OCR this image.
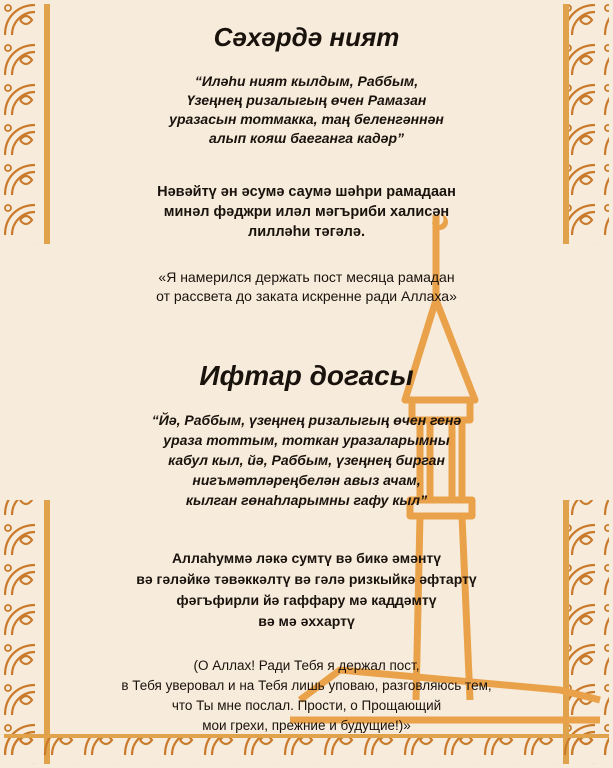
Сәхәрдә ният
“Иләһи ният кылдым, Раббым,
Үзеңнең ризалыгың өчен Рамазан
уразасын тотмакка, таң беленгәннән
алып кояш баеганга кадәр”
Нәвәйтү ән әсумә саумә шәһри рамадаан
минәл фәджри иләл мәгъриби халисән
лилләһи тәгәлә.
«Я намерился держать пост месяца рамадан
от рассвета до заката искренне ради Аллаха»
Ифтар догасы
“Йә, Раббым, үзеңнең ризалыгың өчен генә
ураза тоттым, тоткан уразаларымны
кабул кыл, йә, Раббым, үзеңнең бирган
нигъмәтләреңбелән авыз ачам,
кылган гөнаһларымны гафу кыл”
Аллаһуммә ләкә сумтү вә бикә әмәнтү
вә гәләйкә тәвәккәлтү вә гәлә ризкыйкә әфтартү
фәгъфирли йә гаффару мә каддәмтү
вә мә әххартү
(О Аллах! Ради Тебя я держал пост,
в Тебя уверовал и на Тебя лишь уповаю, разговляюсь тем,
что Ты мне послал. Прости, о Прощающий
мои грехи, прежние и будущие!)»
